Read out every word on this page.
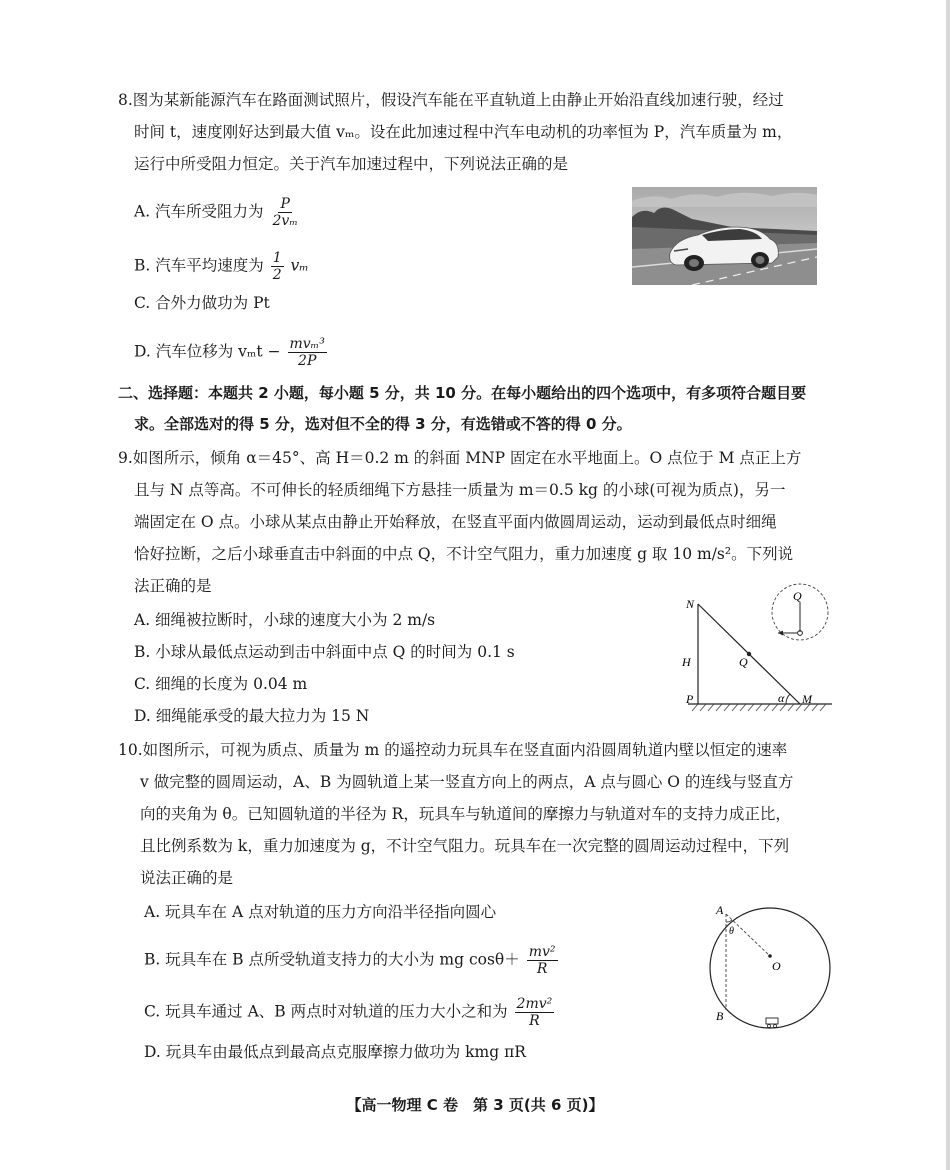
8.图为某新能源汽车在路面测试照片，假设汽车能在平直轨道上由静止开始沿直线加速行驶，经过
时间 t，速度刚好达到最大值 vₘ。设在此加速过程中汽车电动机的功率恒为 P，汽车质量为 m，
运行中所受阻力恒定。关于汽车加速过程中，下列说法正确的是
A. 汽车所受阻力为 $\frac{P}{\text{2vₘ}}$
B. 汽车平均速度为 $\frac{1}{2}$ vₘ
C. 合外力做功为 Pt
D. 汽车位移为 $v_mt - \frac{\text{mvₘ³}}{2P}$
二、选择题：本题共 2 小题，每小题 5 分，共 10 分。在每小题给出的四个选项中，有多项符合题目要
求。全部选对的得 5 分，选对但不全的得 3 分，有选错或不答的得 0 分。
9.如图所示，倾角 α＝45°、高 H＝0.2 m 的斜面 MNP 固定在水平地面上。O 点位于 M 点正上方
且与 N 点等高。不可伸长的轻质细绳下方悬挂一质量为 m＝0.5 kg 的小球(可视为质点)，另一
端固定在 O 点。小球从某点由静止开始释放，在竖直平面内做圆周运动，运动到最低点时细绳
恰好拉断，之后小球垂直击中斜面的中点 Q，不计空气阻力，重力加速度 g 取 10 m/s²。下列说
法正确的是
A. 细绳被拉断时，小球的速度大小为 2 m/s
B. 小球从最低点运动到击中斜面中点 Q 的时间为 0.1 s
C. 细绳的长度为 0.04 m
D. 细绳能承受的最大拉力为 15 N
N
H	Q
P	α M
Q
10.如图所示，可视为质点、质量为 m 的遥控动力玩具车在竖直面内沿圆周轨道内壁以恒定的速率
v 做完整的圆周运动，A、B 为圆轨道上某一竖直方向上的两点，A 点与圆心 O 的连线与竖直方
向的夹角为 θ。已知圆轨道的半径为 R，玩具车与轨道间的摩擦力与轨道对车的支持力成正比，
且比例系数为 k，重力加速度为 g，不计空气阻力。玩具车在一次完整的圆周运动过程中，下列
说法正确的是
A. 玩具车在 A 点对轨道的压力方向沿半径指向圆心
B. 玩具车在 B 点所受轨道支持力的大小为 mg $\cos\theta+ \frac{\text{mv²}}{R}$
C. 玩具车通过 A、B 两点时对轨道的压力大小之和为 $\frac{\text{2mv²}}{R}$
D. 玩具车由最低点到最高点克服摩擦力做功为 kmg πR
A
θ
O
B
【高一物理 C 卷　第 3 页(共 6 页)】
